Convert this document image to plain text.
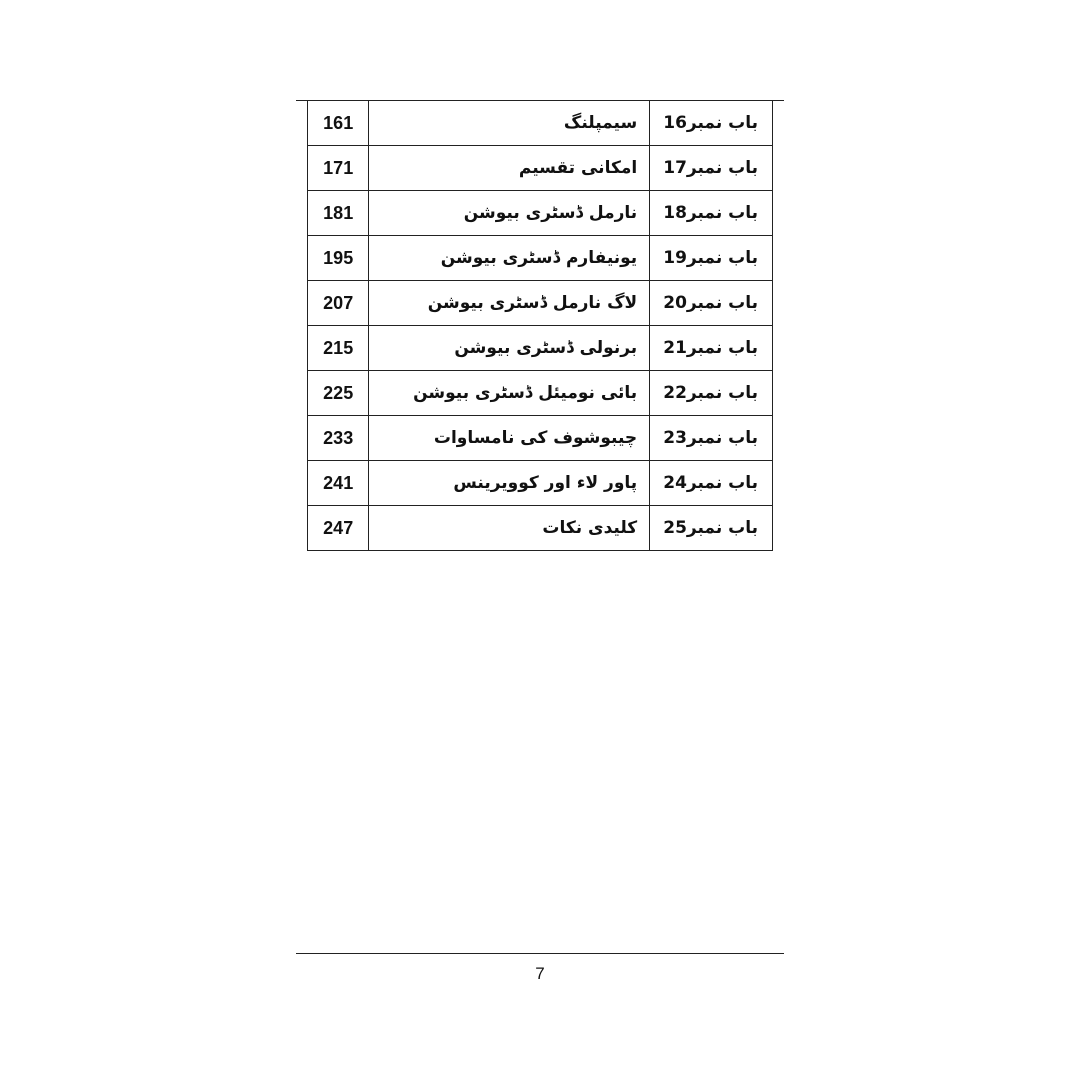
161	سیمپلنگ	باب نمبر16
171	امکانی تقسیم	باب نمبر17
181	نارمل ڈسٹری بیوشن	باب نمبر18
195	یونیفارم ڈسٹری بیوشن	باب نمبر19
207	لاگ نارمل ڈسٹری بیوشن	باب نمبر20
215	برنولی ڈسٹری بیوشن	باب نمبر21
225	بائی نومیئل ڈسٹری بیوشن	باب نمبر22
233	چیبوشوف کی نامساوات	باب نمبر23
241	پاور لاء اور کوویرینس	باب نمبر24
247	کلیدی نکات	باب نمبر25
7
